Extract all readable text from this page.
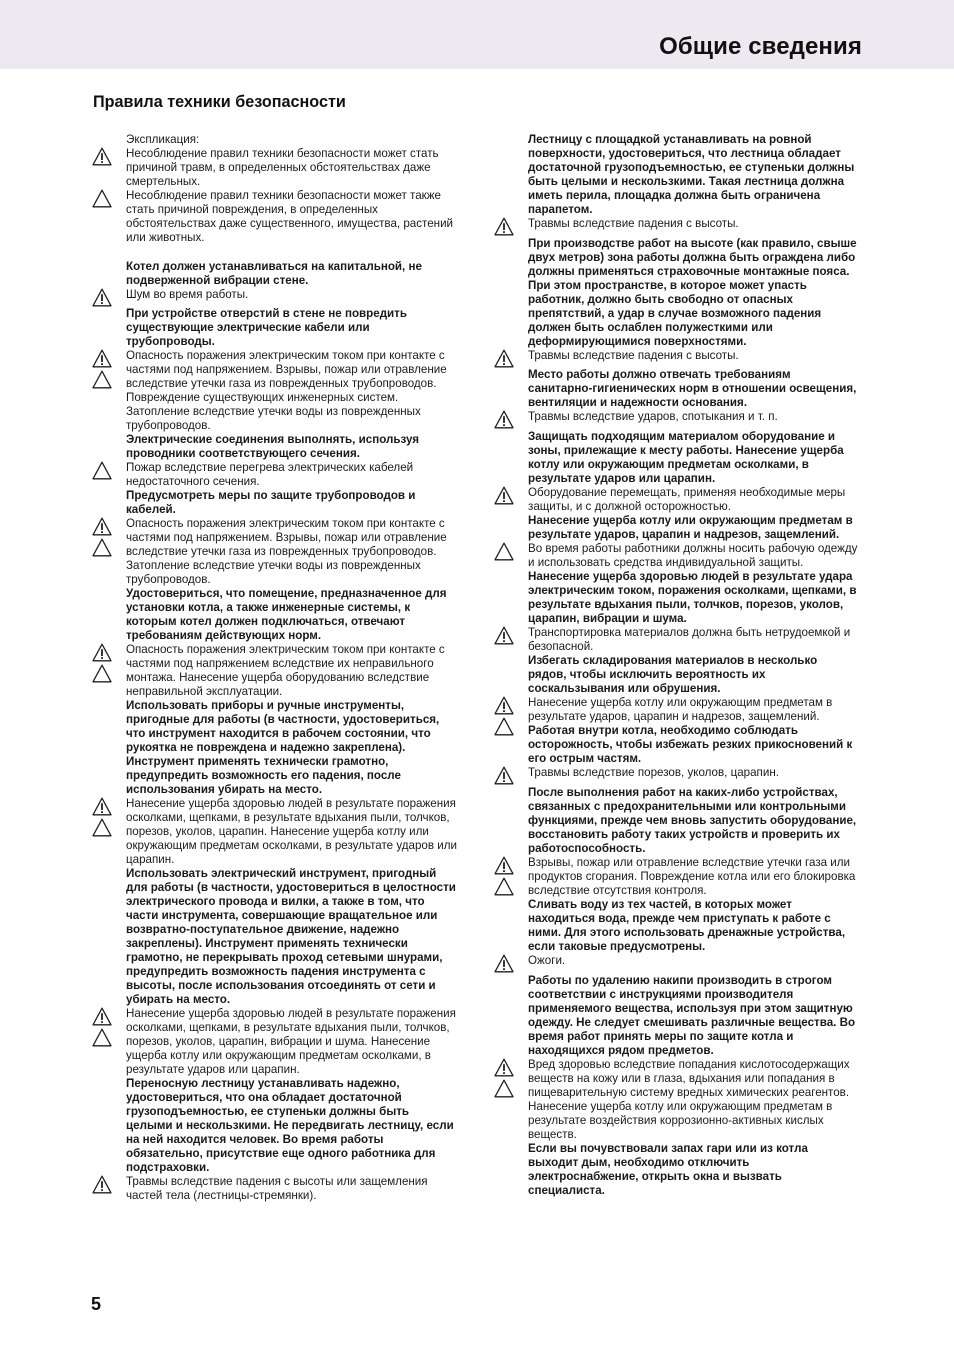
Общие сведения
Правила техники безопасности
Экспликация:
Несоблюдение правил техники безопасности может стать причиной травм, в определенных обстоятельствах даже смертельных.
Несоблюдение правил техники безопасности может также стать причиной повреждения, в определенных обстоятельствах даже существенного, имущества, растений или животных.
Котел должен устанавливаться на капитальной, не подверженной вибрации стене.
Шум во время работы.
При устройстве отверстий в стене не повредить существующие электрические кабели или трубопроводы.
Опасность поражения электрическим током при контакте с частями под напряжением. Взрывы, пожар или отравление вследствие утечки газа из поврежденных трубопроводов. Повреждение существующих инженерных систем. Затопление вследствие утечки воды из поврежденных трубопроводов.
Электрические соединения выполнять, используя проводники соответствующего сечения.
Пожар вследствие перегрева электрических кабелей недостаточного сечения.
Предусмотреть меры по защите трубопроводов и кабелей.
Опасность поражения электрическим током при контакте с частями под напряжением. Взрывы, пожар или отравление вследствие утечки газа из поврежденных трубопроводов. Затопление вследствие утечки воды из поврежденных трубопроводов.
Удостовериться, что помещение, предназначенное для установки котла, а также инженерные системы, к которым котел должен подключаться, отвечают требованиям действующих норм.
Опасность поражения электрическим током при контакте с частями под напряжением вследствие их неправильного монтажа. Нанесение ущерба оборудованию вследствие неправильной эксплуатации.
Использовать приборы и ручные инструменты, пригодные для работы (в частности, удостовериться, что инструмент находится в рабочем состоянии, что рукоятка не повреждена и надежно закреплена). Инструмент применять технически грамотно, предупредить возможность его падения, после использования убирать на место.
Нанесение ущерба здоровью людей в результате поражения осколками, щепками, в результате вдыхания пыли, толчков, порезов, уколов, царапин. Нанесение ущерба котлу или окружающим предметам осколками, в результате ударов или царапин.
Использовать электрический инструмент, пригодный для работы (в частности, удостовериться в целостности электрического провода и вилки, а также в том, что части инструмента, совершающие вращательное или возвратно-поступательное движение, надежно закреплены). Инструмент применять технически грамотно, не перекрывать проход сетевыми шнурами, предупредить возможность падения инструмента с высоты, после использования отсоединять от сети и убирать на место.
Нанесение ущерба здоровью людей в результате поражения осколками, щепками, в результате вдыхания пыли, толчков, порезов, уколов, царапин, вибрации и шума. Нанесение ущерба котлу или окружающим предметам осколками, в результате ударов или царапин.
Переносную лестницу устанавливать надежно, удостовериться, что она обладает достаточной грузоподъемностью, ее ступеньки должны быть целыми и нескользкими. Не передвигать лестницу, если на ней находится человек. Во время работы обязательно, присутствие еще одного работника для подстраховки.
Травмы вследствие падения с высоты или защемления частей тела (лестницы-стремянки).
Лестницу с площадкой устанавливать на ровной поверхности, удостовериться, что лестница обладает достаточной грузоподъемностью, ее ступеньки должны быть целыми и нескользкими. Такая лестница должна иметь перила, площадка должна быть ограничена парапетом.
Травмы вследствие падения с высоты.
При производстве работ на высоте (как правило, свыше двух метров) зона работы должна быть ограждена либо должны применяться страховочные монтажные пояса. При этом пространстве, в которое может упасть работник, должно быть свободно от опасных препятствий, а удар в случае возможного падения должен быть ослаблен полужесткими или деформирующимися поверхностями.
Травмы вследствие падения с высоты.
Место работы должно отвечать требованиям санитарно-гигиенических норм в отношении освещения, вентиляции и надежности основания.
Травмы вследствие ударов, спотыкания и т. п.
Защищать подходящим материалом оборудование и зоны, прилежащие к месту работы. Нанесение ущерба котлу или окружающим предметам осколками, в результате ударов или царапин.
Оборудование перемещать, применяя необходимые меры защиты, и с должной осторожностью.
Нанесение ущерба котлу или окружающим предметам в результате ударов, царапин и надрезов, защемлений.
Во время работы работники должны носить рабочую одежду и использовать средства индивидуальной защиты.
Нанесение ущерба здоровью людей в результате удара электрическим током, поражения осколками, щепками, в результате вдыхания пыли, толчков, порезов, уколов, царапин, вибрации и шума.
Транспортировка материалов должна быть нетрудоемкой и безопасной.
Избегать складирования материалов в несколько рядов, чтобы исключить вероятность их соскальзывания или обрушения.
Нанесение ущерба котлу или окружающим предметам в результате ударов, царапин и надрезов, защемлений.
Работая внутри котла, необходимо соблюдать осторожность, чтобы избежать резких прикосновений к его острым частям.
Травмы вследствие порезов, уколов, царапин.
После выполнения работ на каких-либо устройствах, связанных с предохранительными или контрольными функциями, прежде чем вновь запустить оборудование, восстановить работу таких устройств и проверить их работоспособность.
Взрывы, пожар или отравление вследствие утечки газа или продуктов сгорания. Повреждение котла или его блокировка вследствие отсутствия контроля.
Сливать воду из тех частей, в которых может находиться вода, прежде чем приступать к работе с ними. Для этого использовать дренажные устройства, если таковые предусмотрены.
Ожоги.
Работы по удалению накипи производить в строгом соответствии с инструкциями производителя применяемого вещества, используя при этом защитную одежду. Не следует смешивать различные вещества. Во время работ принять меры по защите котла и находящихся рядом предметов.
Вред здоровью вследствие попадания кислотосодержащих веществ на кожу или в глаза, вдыхания или попадания в пищеварительную систему вредных химических реагентов. Нанесение ущерба котлу или окружающим предметам в результате воздействия коррозионно-активных кислых веществ.
Если вы почувствовали запах гари или из котла выходит дым, необходимо отключить электроснабжение, открыть окна и вызвать специалиста.
5
